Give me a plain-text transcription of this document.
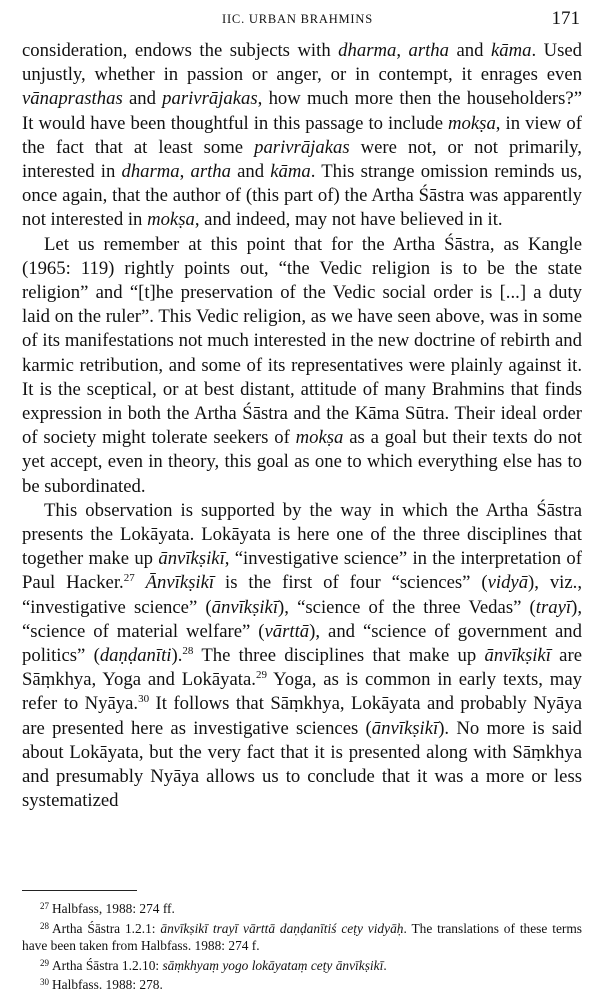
IIC. URBAN BRAHMINS	171

consideration, endows the subjects with dharma, artha and kāma. Used unjustly, whether in passion or anger, or in contempt, it enrages even vānaprasthas and parivrājakas, how much more then the householders?” It would have been thoughtful in this passage to include mokṣa, in view of the fact that at least some parivrājakas were not, or not primarily, interested in dharma, artha and kāma. This strange omission reminds us, once again, that the author of (this part of) the Artha Śāstra was apparently not interested in mokṣa, and indeed, may not have believed in it.

Let us remember at this point that for the Artha Śāstra, as Kangle (1965: 119) rightly points out, “the Vedic religion is to be the state religion” and “[t]he preservation of the Vedic social order is [...] a duty laid on the ruler”. This Vedic religion, as we have seen above, was in some of its manifestations not much interested in the new doctrine of rebirth and karmic retribution, and some of its representatives were plainly against it. It is the sceptical, or at best distant, attitude of many Brahmins that finds expression in both the Artha Śāstra and the Kāma Sūtra. Their ideal order of society might tolerate seekers of mokṣa as a goal but their texts do not yet accept, even in theory, this goal as one to which everything else has to be subordinated.

This observation is supported by the way in which the Artha Śāstra presents the Lokāyata. Lokāyata is here one of the three disciplines that together make up ānvīkṣikī, “investigative science” in the interpretation of Paul Hacker.$^{27}$ Ānvīkṣikī is the first of four “sciences” (vidyā), viz., “investigative science” (ānvīkṣikī), “science of the three Vedas” (trayī), “science of material welfare” (vārttā), and “science of government and politics” (daṇḍanīti).$^{28}$ The three disciplines that make up ānvīkṣikī are Sāṃkhya, Yoga and Lokāyata.$^{29}$ Yoga, as is common in early texts, may refer to Nyāya.$^{30}$ It follows that Sāṃkhya, Lokāyata and probably Nyāya are presented here as investigative sciences (ānvīkṣikī). No more is said about Lokāyata, but the very fact that it is presented along with Sāṃkhya and presumably Nyāya allows us to conclude that it was a more or less systematized

$^{27}$ Halbfass, 1988: 274 ff.

$^{28}$ Artha Śāstra 1.2.1: ānvīkṣikī trayī vārttā daṇḍanītiś ceṭy vidyāḥ. The translations of these terms have been taken from Halbfass. 1988: 274 f.

$^{29}$ Artha Śāstra 1.2.10: sāṃkhyaṃ yogo lokāyataṃ ceṭy ānvīkṣikī.

$^{30}$ Halbfass. 1988: 278.
